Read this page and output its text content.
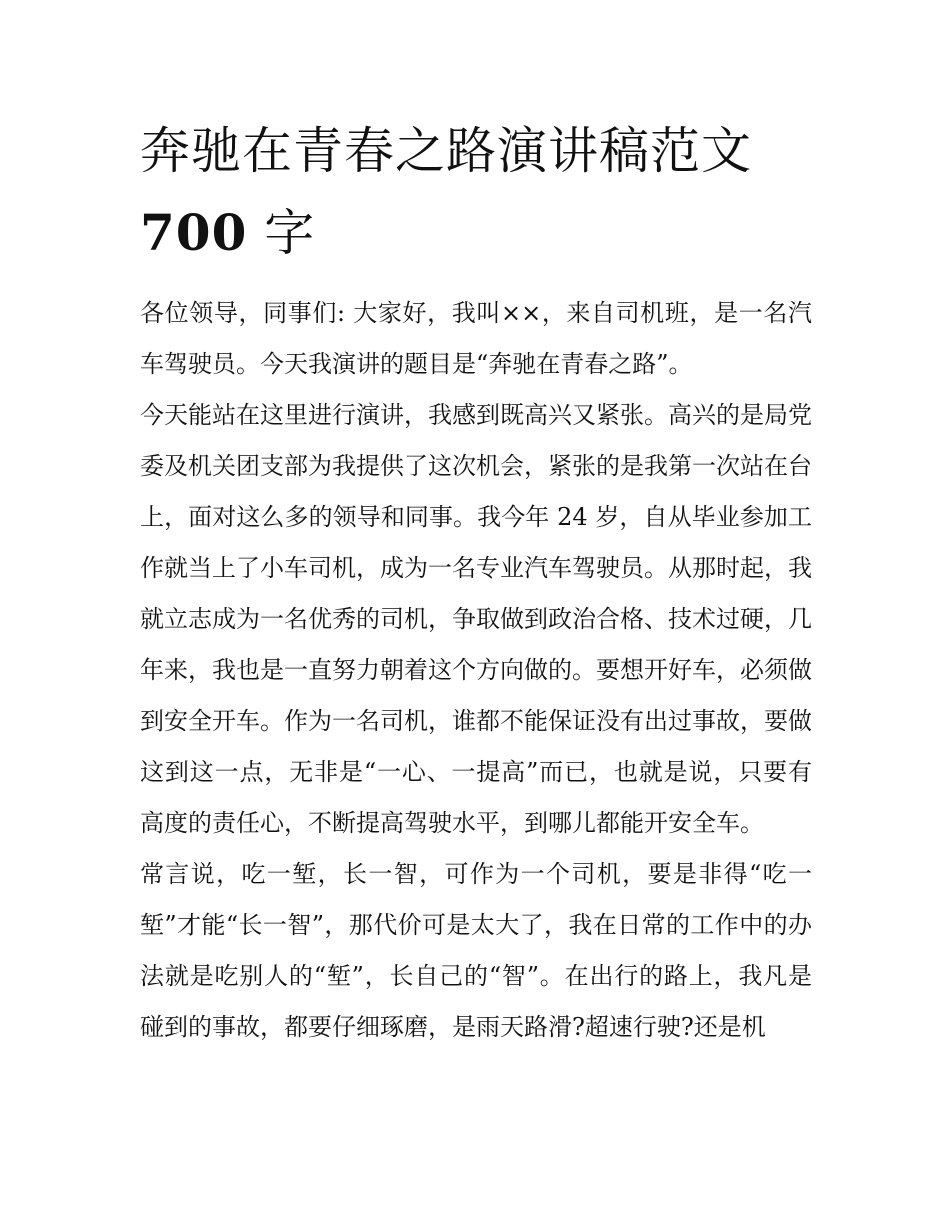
奔驰在青春之路演讲稿范文
700 字

各位领导，同事们: 大家好，我叫××，来自司机班，是一名汽车驾驶员。今天我演讲的题目是“奔驰在青春之路”。

今天能站在这里进行演讲，我感到既高兴又紧张。高兴的是局党委及机关团支部为我提供了这次机会，紧张的是我第一次站在台上，面对这么多的领导和同事。我今年 24 岁，自从毕业参加工作就当上了小车司机，成为一名专业汽车驾驶员。从那时起，我就立志成为一名优秀的司机，争取做到政治合格、技术过硬，几年来，我也是一直努力朝着这个方向做的。要想开好车，必须做到安全开车。作为一名司机，谁都不能保证没有出过事故，要做这到这一点，无非是“一心、一提高”而已，也就是说，只要有高度的责任心，不断提高驾驶水平，到哪儿都能开安全车。

常言说，吃一堑，长一智，可作为一个司机，要是非得“吃一堑”才能“长一智”，那代价可是太大了，我在日常的工作中的办法就是吃别人的“堑”，长自己的“智”。在出行的路上，我凡是碰到的事故，都要仔细琢磨，是雨天路滑?超速行驶?还是机
